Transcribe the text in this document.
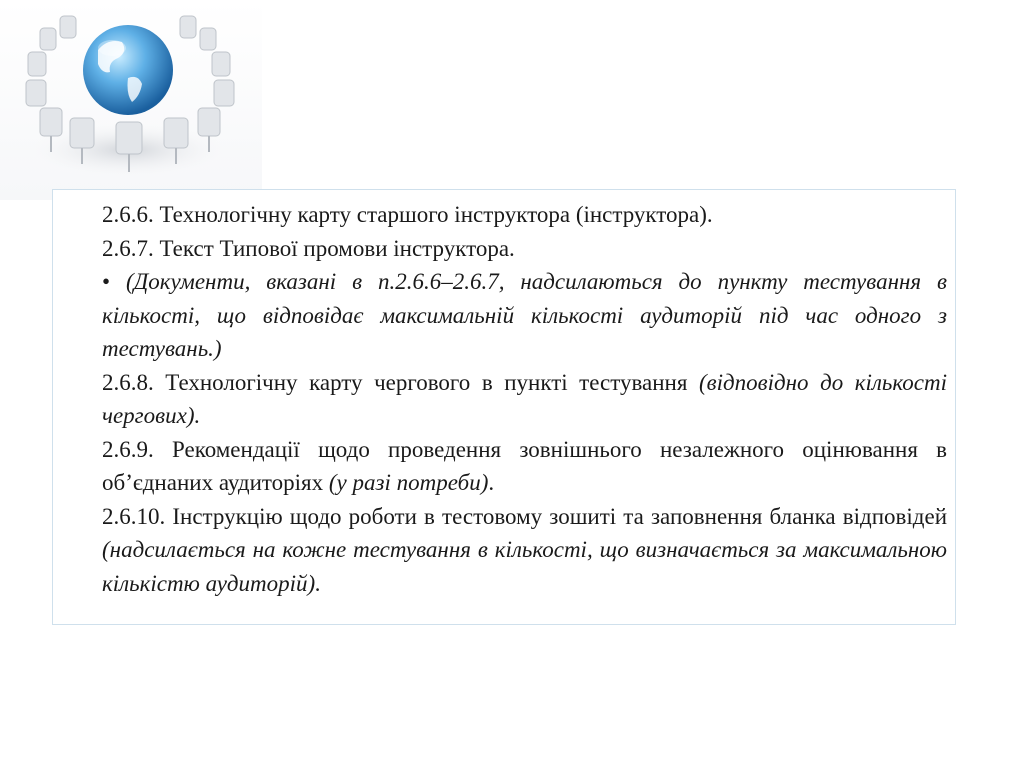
2.6.6. Технологічну карту старшого інструктора (інструктора).

2.6.7. Текст Типової промови інструктора.

• (Документи, вказані в п.2.6.6–2.6.7, надсилаються до пункту тестування в кількості, що відповідає максимальній кількості аудиторій під час одного з тестувань.)

2.6.8. Технологічну карту чергового в пункті тестування (відповідно до кількості чергових).

2.6.9. Рекомендації щодо проведення зовнішнього незалежного оцінювання в об’єднаних аудиторіях (у разі потреби).

2.6.10. Інструкцію щодо роботи в тестовому зошиті та заповнення бланка відповідей (надсилається на кожне тестування в кількості, що визначається за максимальною кількістю аудиторій).
